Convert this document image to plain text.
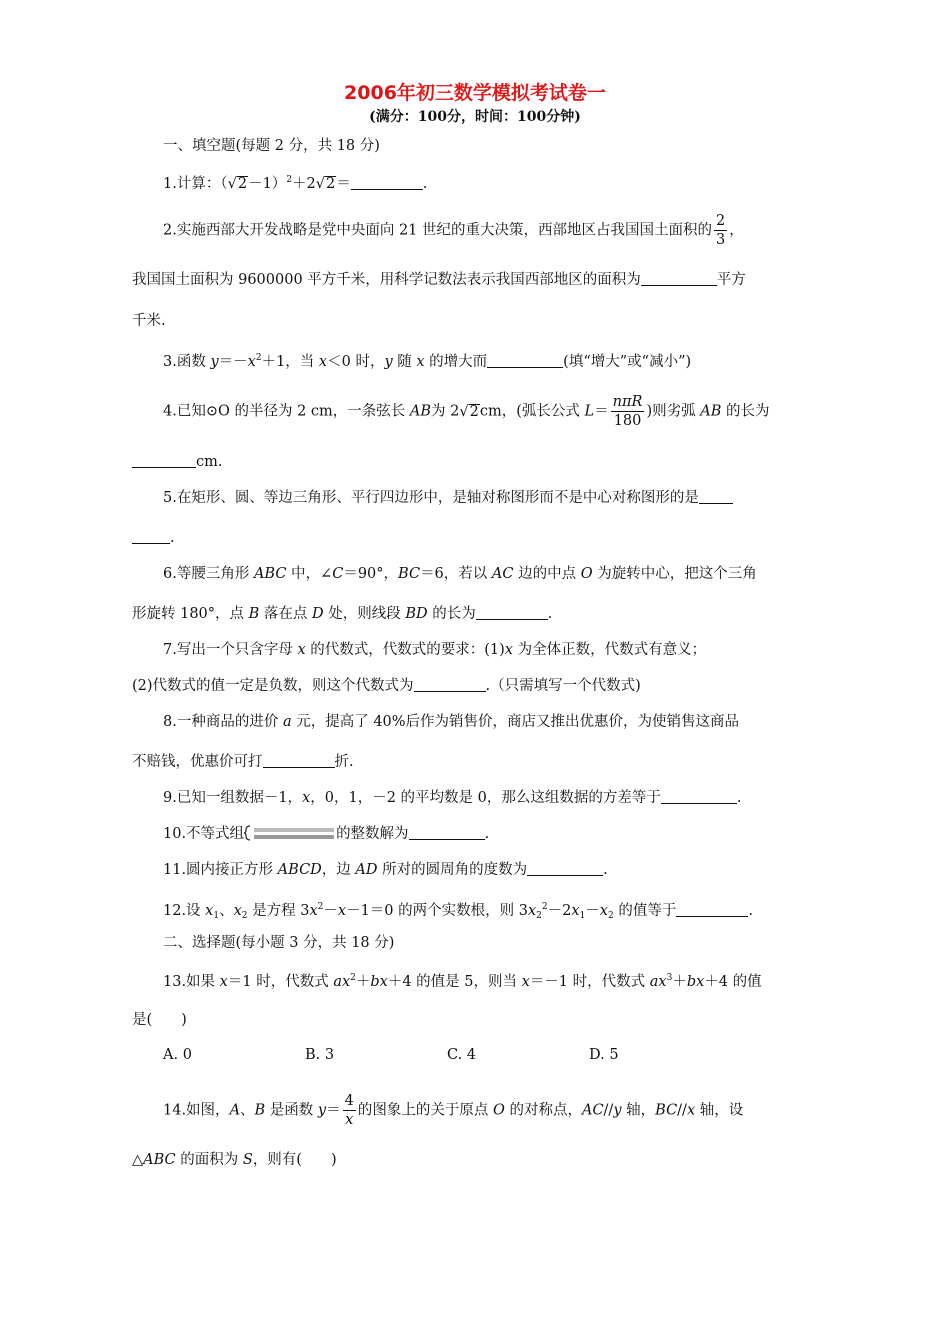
2006年初三数学模拟考试卷一
(满分：100分，时间：100分钟)
一、填空题(每题 2 分，共 18 分)
1.计算：$(√2-1)^2+2√2=$	.
2.实施西部大开发战略是党中央面向 21 世纪的重大决策，西部地区占我国国土面积的 $\frac{2}{3}$ ，
我国国土面积为 9600000 平方千米，用科学记数法表示我国西部地区的面积为	平方
千米.
3.函数 $y=-x^2+1$，当 x＜0 时，y 随 x 的增大而	(填“增大”或“减小”)
4.已知⊙O 的半径为 2 cm，一条弦长 AB为 2√2cm，(弧长公式 $L= \frac{\text{nπR}}{180}$ )则劣弧 AB 的长为
cm.
5.在矩形、圆、等边三角形、平行四边形中，是轴对称图形而不是中心对称图形的是
.
6.等腰三角形 ABC 中，∠C＝90°，BC＝6，若以 AC 边的中点 O 为旋转中心，把这个三角
形旋转 180°，点 B 落在点 D 处，则线段 BD 的长为	.
7.写出一个只含字母 x 的代数式，代数式的要求：(1)x 为全体正数，代数式有意义；
(2)代数式的值一定是负数，则这个代数式为	.（只需填写一个代数式)
8.一种商品的进价 a 元，提高了 40%后作为销售价，商店又推出优惠价，为使销售这商品
不赔钱，优惠价可打	折.
9.已知一组数据－1，x，0，1，－2 的平均数是 0，那么这组数据的方差等于	.
10.不等式组	的整数解为	.
11.圆内接正方形 ABCD，边 AD 所对的圆周角的度数为	.
12.设 $x_1$、$x_2$ 是方程 $3x^2-x-1=0$ 的两个实数根，则 $3x_2^2-2x_1-x_2$ 的值等于	.
二、选择题(每小题 3 分，共 18 分)
13.如果 x＝1 时，代数式 $ax^2+bx+4$ 的值是 5，则当 x＝－1 时，代数式 $ax^3+bx+4$ 的值
是(　　)
A. 0	B. 3	C. 4	D. 5
14.如图，A、B 是函数 $y= \frac{4}{x}$ 的图象上的关于原点 O 的对称点，AC//y 轴，BC//x 轴，设
△ABC 的面积为 S，则有(　　)
